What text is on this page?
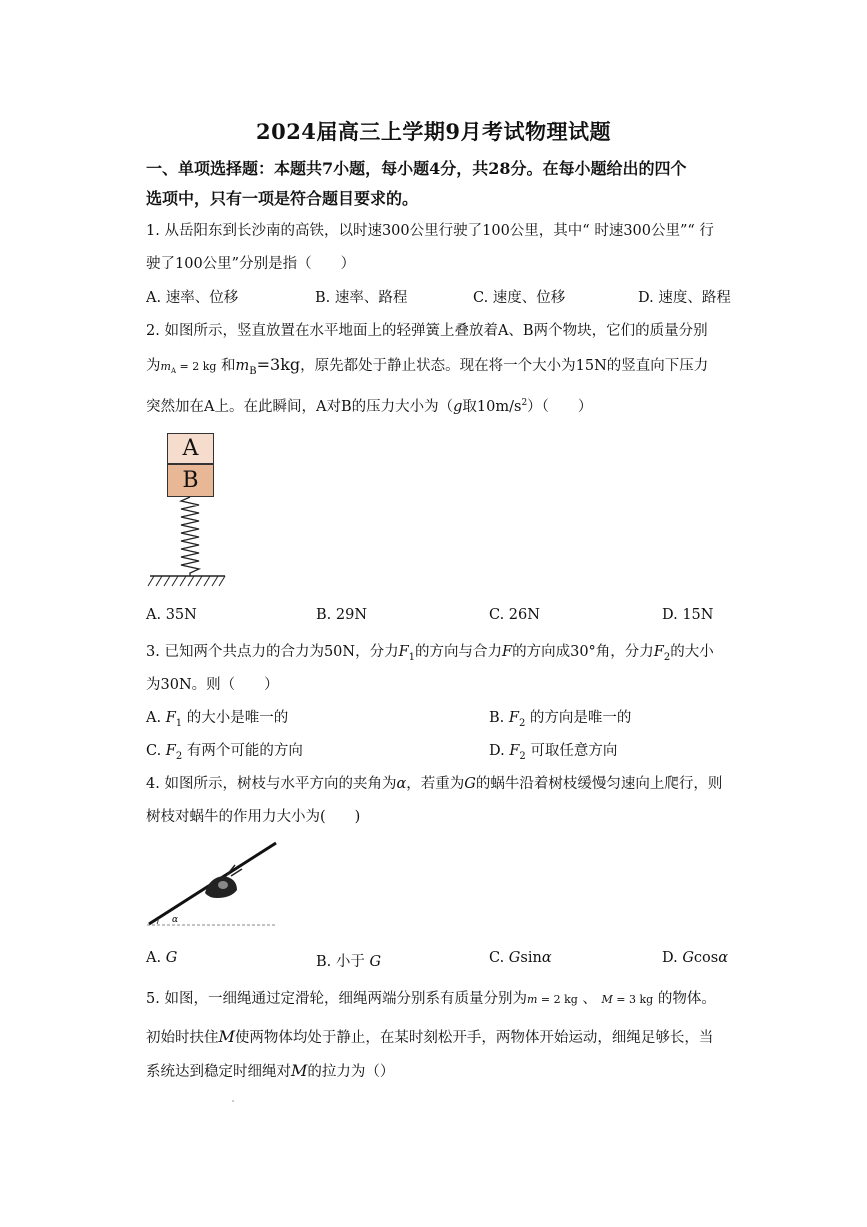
2024届高三上学期9月考试物理试题
一、单项选择题：本题共7小题，每小题4分，共28分。在每小题给出的四个
选项中，只有一项是符合题目要求的。
1. 从岳阳东到长沙南的高铁，以时速300公里行驶了100公里，其中“ 时速300公里”“ 行
驶了100公里”分别是指（　　）
A. 速率、位移	B. 速率、路程	C. 速度、位移	D. 速度、路程
2. 如图所示，竖直放置在水平地面上的轻弹簧上叠放着A、B两个物块，它们的质量分别
为$m_A = 2$ kg 和$m_B=3kg$，原先都处于静止状态。现在将一个大小为15N的竖直向下压力
突然加在A上。在此瞬间，A对B的压力大小为（g取$10m/s^2$）（　　）
A
B
A. 35N	B. 29N	C. 26N	D. 15N
3. 已知两个共点力的合力为50N，分力$F_1$的方向与合力F的方向成30°角，分力$F_2$的大小
为30N。则（　　）
A. $F_1$ 的大小是唯一的	B. $F_2$ 的方向是唯一的
C. $F_2$ 有两个可能的方向	D. $F_2$ 可取任意方向
4. 如图所示，树枝与水平方向的夹角为α，若重为G的蜗牛沿着树枝缓慢匀速向上爬行，则
树枝对蜗牛的作用力大小为(　　)
α
A. G	B. 小于 G	C. Gsinα	D. Gcosα
5. 如图，一细绳通过定滑轮，细绳两端分别系有质量分别为m = 2 kg 、 M = 3 kg 的物体。
初始时扶住M使两物体均处于静止，在某时刻松开手，两物体开始运动，细绳足够长，当
系统达到稳定时细绳对M的拉力为（）
